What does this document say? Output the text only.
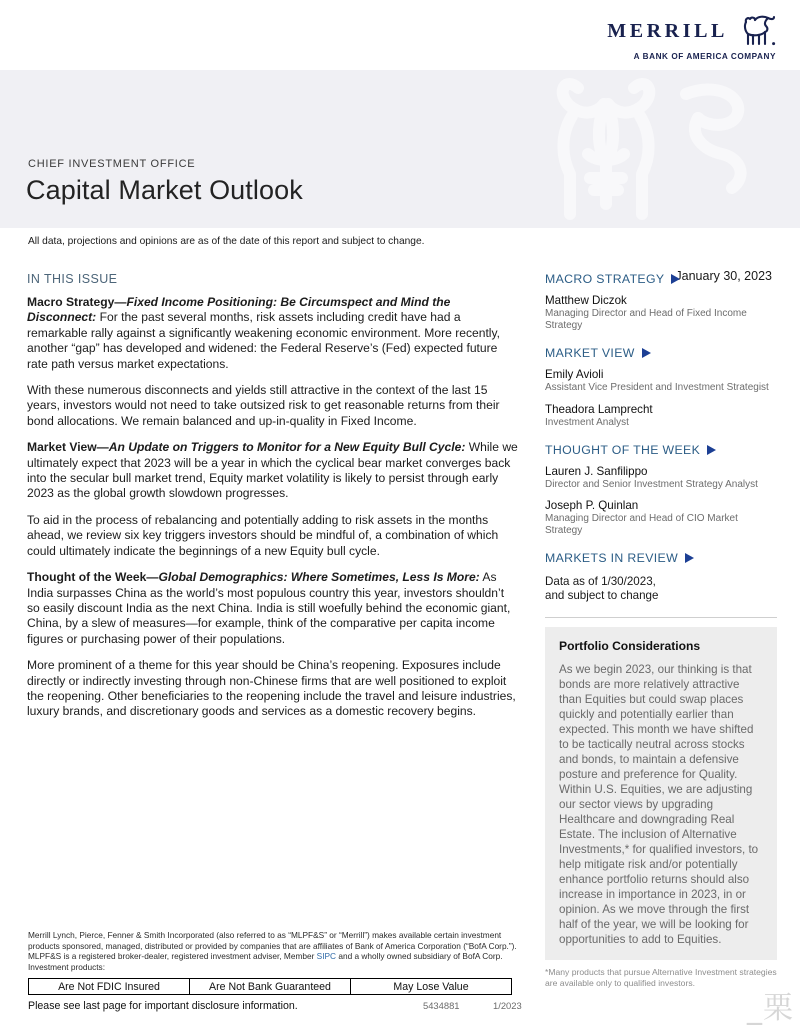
MERRILL
A BANK OF AMERICA COMPANY
CHIEF INVESTMENT OFFICE
Capital Market Outlook
January 30, 2023
All data, projections and opinions are as of the date of this report and subject to change.
IN THIS ISSUE
Macro Strategy—Fixed Income Positioning: Be Circumspect and Mind the Disconnect: For the past several months, risk assets including credit have had a remarkable rally against a significantly weakening economic environment. More recently, another “gap” has developed and widened: the Federal Reserve’s (Fed) expected future rate path versus market expectations.
With these numerous disconnects and yields still attractive in the context of the last 15 years, investors would not need to take outsized risk to get reasonable returns from their bond allocations. We remain balanced and up-in-quality in Fixed Income.
Market View—An Update on Triggers to Monitor for a New Equity Bull Cycle: While we ultimately expect that 2023 will be a year in which the cyclical bear market converges back into the secular bull market trend, Equity market volatility is likely to persist through early 2023 as the global growth slowdown progresses.
To aid in the process of rebalancing and potentially adding to risk assets in the months ahead, we review six key triggers investors should be mindful of, a combination of which could ultimately indicate the beginnings of a new Equity bull cycle.
Thought of the Week—Global Demographics: Where Sometimes, Less Is More: As India surpasses China as the world’s most populous country this year, investors shouldn’t so easily discount India as the next China. India is still woefully behind the economic giant, China, by a slew of measures—for example, think of the comparative per capita income figures or purchasing power of their populations.
More prominent of a theme for this year should be China’s reopening. Exposures include directly or indirectly investing through non-Chinese firms that are well positioned to exploit the reopening. Other beneficiaries to the reopening include the travel and leisure industries, luxury brands, and discretionary goods and services as a domestic recovery begins.
MACRO STRATEGY
Matthew Diczok
Managing Director and Head of Fixed Income Strategy
MARKET VIEW
Emily Avioli
Assistant Vice President and Investment Strategist
Theadora Lamprecht
Investment Analyst
THOUGHT OF THE WEEK
Lauren J. Sanfilippo
Director and Senior Investment Strategy Analyst
Joseph P. Quinlan
Managing Director and Head of CIO Market Strategy
MARKETS IN REVIEW
Data as of 1/30/2023,
and subject to change
Portfolio Considerations
As we begin 2023, our thinking is that bonds are more relatively attractive than Equities but could swap places quickly and potentially earlier than expected. This month we have shifted to be tactically neutral across stocks and bonds, to maintain a defensive posture and preference for Quality. Within U.S. Equities, we are adjusting our sector views by upgrading Healthcare and downgrading Real Estate. The inclusion of Alternative Investments,* for qualified investors, to help mitigate risk and/or potentially enhance portfolio returns should also increase in importance in 2023, in or opinion. As we move through the first half of the year, we will be looking for opportunities to add to Equities.
*Many products that pursue Alternative Investment strategies are available only to qualified investors.
Merrill Lynch, Pierce, Fenner & Smith Incorporated (also referred to as “MLPF&S” or “Merrill”) makes available certain investment products sponsored, managed, distributed or provided by companies that are affiliates of Bank of America Corporation (“BofA Corp.”). MLPF&S is a registered broker-dealer, registered investment adviser, Member SIPC and a wholly owned subsidiary of BofA Corp. Investment products:
Are Not FDIC Insured	Are Not Bank Guaranteed	May Lose Value
Please see last page for important disclosure information.	5434881	1/2023	_栗
